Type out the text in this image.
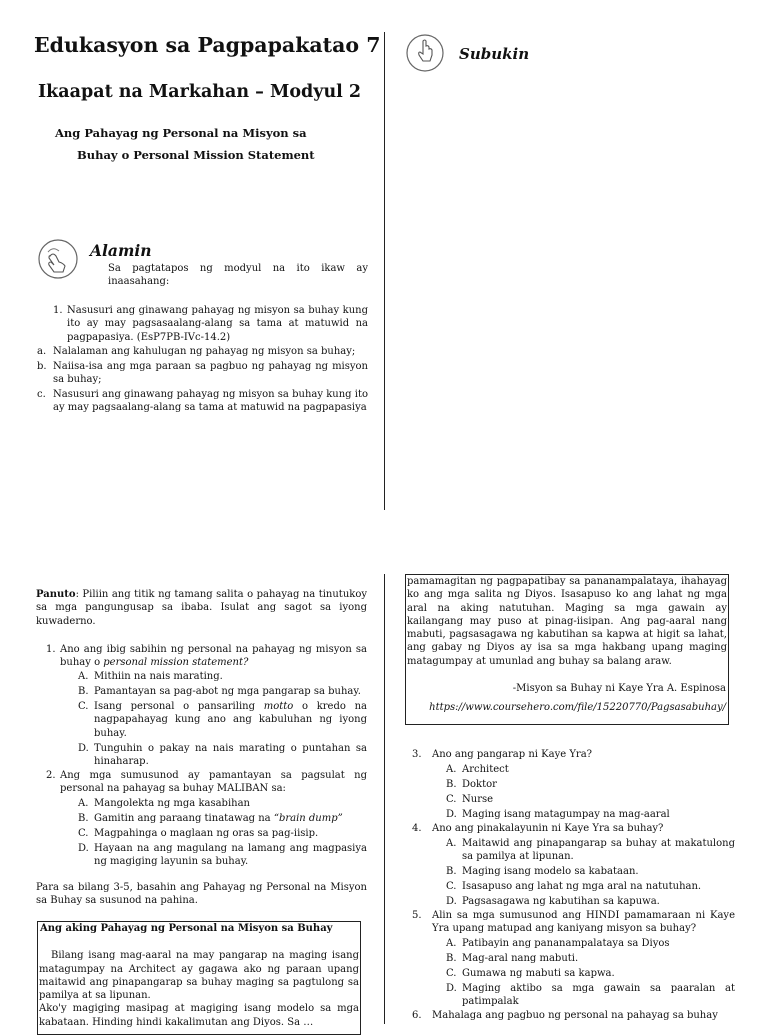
Edukasyon sa Pagpapakatao 7
Ikaapat na Markahan – Modyul 2
Ang Pahayag ng Personal na Misyon sa
Buhay o Personal Mission Statement
Alamin
Sa pagtatapos ng modyul na ito ikaw ay inaasahang:
1. Nasusuri ang ginawang pahayag ng misyon sa buhay kung ito ay may pagsasaalang-alang sa tama at matuwid na pagpapasiya. (EsP7PB-IVc-14.2)
a. Nalalaman ang kahulugan ng pahayag ng misyon sa buhay;
b. Naiisa-isa ang mga paraan sa pagbuo ng pahayag ng misyon sa buhay;
c. Nasusuri ang ginawang pahayag ng misyon sa buhay kung ito ay may pagsaalang-alang sa tama at matuwid na pagpapasiya
Subukin
Panuto: Piliin ang titik ng tamang salita o pahayag na tinutukoy sa mga pangungusap sa ibaba. Isulat ang sagot sa iyong kuwaderno.
1. Ano ang ibig sabihin ng personal na pahayag ng misyon sa buhay o personal mission statement?
A. Mithiin na nais marating.
B. Pamantayan sa pag-abot ng mga pangarap sa buhay.
C. Isang personal o pansariling motto o kredo na nagpapahayag kung ano ang kabuluhan ng iyong buhay.
D. Tunguhin o pakay na nais marating o puntahan sa hinaharap.
2. Ang mga sumusunod ay pamantayan sa pagsulat ng personal na pahayag sa buhay MALIBAN sa:
A. Mangolekta ng mga kasabihan
B. Gamitin ang paraang tinatawag na “brain dump”
C. Magpahinga o maglaan ng oras sa pag-iisip.
D. Hayaan na ang magulang na lamang ang magpasiya ng magiging layunin sa buhay.
Para sa bilang 3-5, basahin ang Pahayag ng Personal na Misyon sa Buhay sa susunod na pahina.
Ang aking Pahayag ng Personal na Misyon sa Buhay
Bilang isang mag-aaral na may pangarap na maging isang matagumpay na Architect ay gagawa ako ng paraan upang maitawid ang pinapangarap sa buhay maging sa pagtulong sa pamilya at sa lipunan.
Ako'y magiging masipag at magiging isang modelo sa mga kabataan. Hinding hindi kakalimutan ang Diyos. Sa …
pamamagitan ng pagpapatibay sa pananampalataya, ihahayag ko ang mga salita ng Diyos. Isasapuso ko ang lahat ng mga aral na aking natutuhan. Maging sa mga gawain ay kailangang may puso at pinag-iisipan. Ang pag-aaral nang mabuti, pagsasagawa ng kabutihan sa kapwa at higit sa lahat, ang gabay ng Diyos ay isa sa mga hakbang upang maging matagumpay at umunlad ang buhay sa balang araw.
-Misyon sa Buhay ni Kaye Yra A. Espinosa
https://www.coursehero.com/file/15220770/Pagsasabuhay/
3.	Ano ang pangarap ni Kaye Yra?
A. Architect
B. Doktor
C. Nurse
D. Maging isang matagumpay na mag-aaral
4.	Ano ang pinakalayunin ni Kaye Yra sa buhay?
A. Maitawid ang pinapangarap sa buhay at makatulong sa pamilya at lipunan.
B. Maging isang modelo sa kabataan.
C. Isasapuso ang lahat ng mga aral na natutuhan.
D. Pagsasagawa ng kabutihan sa kapuwa.
5.	Alin sa mga sumusunod ang HINDI pamamaraan ni Kaye Yra upang matupad ang kaniyang misyon sa buhay?
A. Patibayin ang pananampalataya sa Diyos
B. Mag-aral nang mabuti.
C. Gumawa ng mabuti sa kapwa.
D. Maging aktibo sa mga gawain sa paaralan at patimpalak
6.	Mahalaga ang pagbuo ng personal na pahayag sa buhay
